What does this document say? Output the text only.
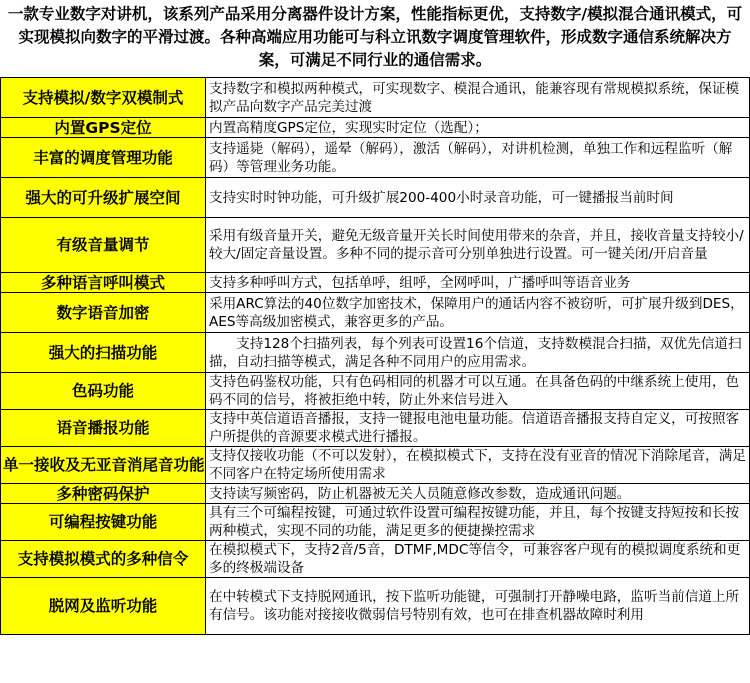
一款专业数字对讲机，该系列产品采用分离器件设计方案，性能指标更优，支持数字/模拟混合通讯模式，可实现模拟向数字的平滑过渡。各种高端应用功能可与科立讯数字调度管理软件，形成数字通信系统解决方案，可满足不同行业的通信需求。
支持模拟/数字双模制式	支持数字和模拟两种模式，可实现数字、模混合通讯，能兼容现有常规模拟系统，保证模拟产品向数字产品完美过渡
内置GPS定位	内置高精度GPS定位，实现实时定位（选配）；
丰富的调度管理功能	支持遥毙（解码），遥晕（解码），激活（解码），对讲机检测，单独工作和远程监听（解码）等管理业务功能。
强大的可升级扩展空间	支持实时时钟功能，可升级扩展200-400小时录音功能，可一键播报当前时间
有级音量调节	采用有级音量开关，避免无级音量开关长时间使用带来的杂音，并且，接收音量支持较小/较大/固定音量设置。多种不同的提示音可分别单独进行设置。可一键关闭/开启音量
多种语言呼叫模式	支持多种呼叫方式，包括单呼，组呼，全网呼叫，广播呼叫等语音业务
数字语音加密	采用ARC算法的40位数字加密技术，保障用户的通话内容不被窃听，可扩展升级到DES，AES等高级加密模式，兼容更多的产品。
强大的扫描功能	　　支持128个扫描列表，每个列表可设置16个信道，支持数模混合扫描，双优先信道扫描，自动扫描等模式，满足各种不同用户的应用需求。
色码功能	支持色码鉴权功能，只有色码相同的机器才可以互通。在具备色码的中继系统上使用，色码不同的信号，将被拒绝中转，防止外来信号进入
语音播报功能	支持中英信道语音播报，支持一键报电池电量功能。信道语音播报支持自定义，可按照客户所提供的音源要求模式进行播报。
单一接收及无亚音消尾音功能	支持仅接收功能（不可以发射），在模拟模式下，支持在没有亚音的情况下消除尾音，满足不同客户在特定场所使用需求
多种密码保护	支持读写频密码，防止机器被无关人员随意修改参数，造成通讯问题。
可编程按键功能	具有三个可编程按键，可通过软件设置可编程按键功能，并且，每个按键支持短按和长按两种模式，实现不同的功能，满足更多的便捷操控需求
支持模拟模式的多种信令	在模拟模式下，支持2音/5音，DTMF,MDC等信令，可兼容客户现有的模拟调度系统和更多的终极端设备
脱网及监听功能	在中转模式下支持脱网通讯，按下监听功能键，可强制打开静噪电路，监听当前信道上所有信号。该功能对接接收微弱信号特别有效，也可在排查机器故障时利用
